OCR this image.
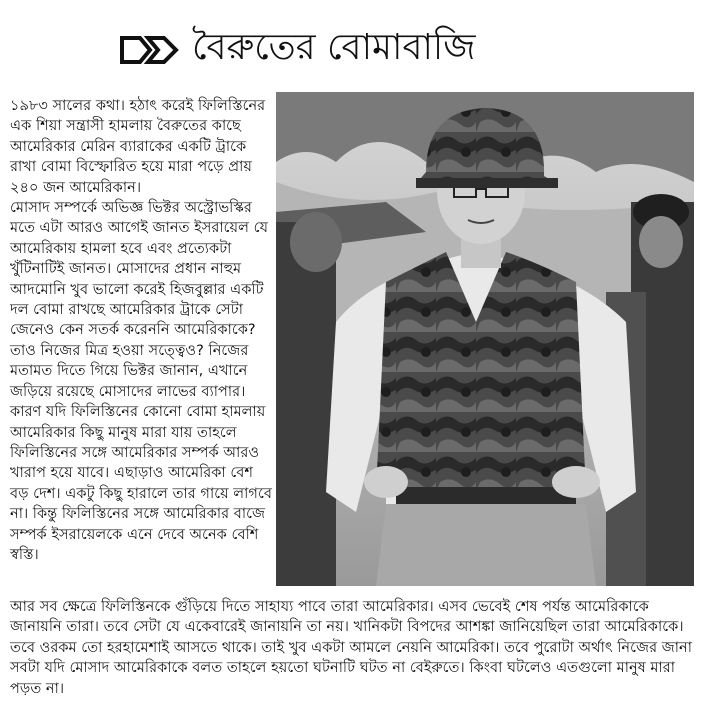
বৈরুতের বোমাবাজি

১৯৮৩ সালের কথা। হঠাৎ করেই ফিলিস্তিনের এক শিয়া সন্ত্রাসী হামলায় বৈরুতের কাছে আমেরিকার মেরিন ব্যারাকের একটি ট্রাকে রাখা বোমা বিস্ফোরিত হয়ে মারা পড়ে প্রায় ২৪০ জন আমেরিকান।

মোসাদ সম্পর্কে অভিজ্ঞ ভিক্টর অস্ট্রোভস্কির মতে এটা আরও আগেই জানত ইসরায়েল যে আমেরিকায় হামলা হবে এবং প্রত্যেকটা খুঁটিনাটিই জানত। মোসাদের প্রধান নাহুম আদমোনি খুব ভালো করেই হিজবুল্লার একটি দল বোমা রাখছে আমেরিকার ট্রাকে সেটা জেনেও কেন সতর্ক করেননি আমেরিকাকে? তাও নিজের মিত্র হওয়া সত্ত্বেও? নিজের মতামত দিতে গিয়ে ভিক্টর জানান, এখানে জড়িয়ে রয়েছে মোসাদের লাভের ব্যাপার। কারণ যদি ফিলিস্তিনের কোনো বোমা হামলায় আমেরিকার কিছু মানুষ মারা যায় তাহলে ফিলিস্তিনের সঙ্গে আমেরিকার সম্পর্ক আরও খারাপ হয়ে যাবে। এছাড়াও আমেরিকা বেশ বড় দেশ। একটু কিছু হারালে তার গায়ে লাগবে না। কিন্তু ফিলিস্তিনের সঙ্গে আমেরিকার বাজে সম্পর্ক ইসরায়েলকে এনে দেবে অনেক বেশি স্বস্তি।

আর সব ক্ষেত্রে ফিলিস্তিনকে গুঁড়িয়ে দিতে সাহায্য পাবে তারা আমেরিকার। এসব ভেবেই শেষ পর্যন্ত আমেরিকাকে জানায়নি তারা। তবে সেটা যে একেবারেই জানায়নি তা নয়। খানিকটা বিপদের আশঙ্কা জানিয়েছিল তারা আমেরিকাকে। তবে ওরকম তো হরহামেশাই আসতে থাকে। তাই খুব একটা আমলে নেয়নি আমেরিকা। তবে পুরোটা অর্থাৎ নিজের জানা সবটা যদি মোসাদ আমেরিকাকে বলত তাহলে হয়তো ঘটনাটি ঘটত না বেইরুতে। কিংবা ঘটলেও এতগুলো মানুষ মারা পড়ত না।
